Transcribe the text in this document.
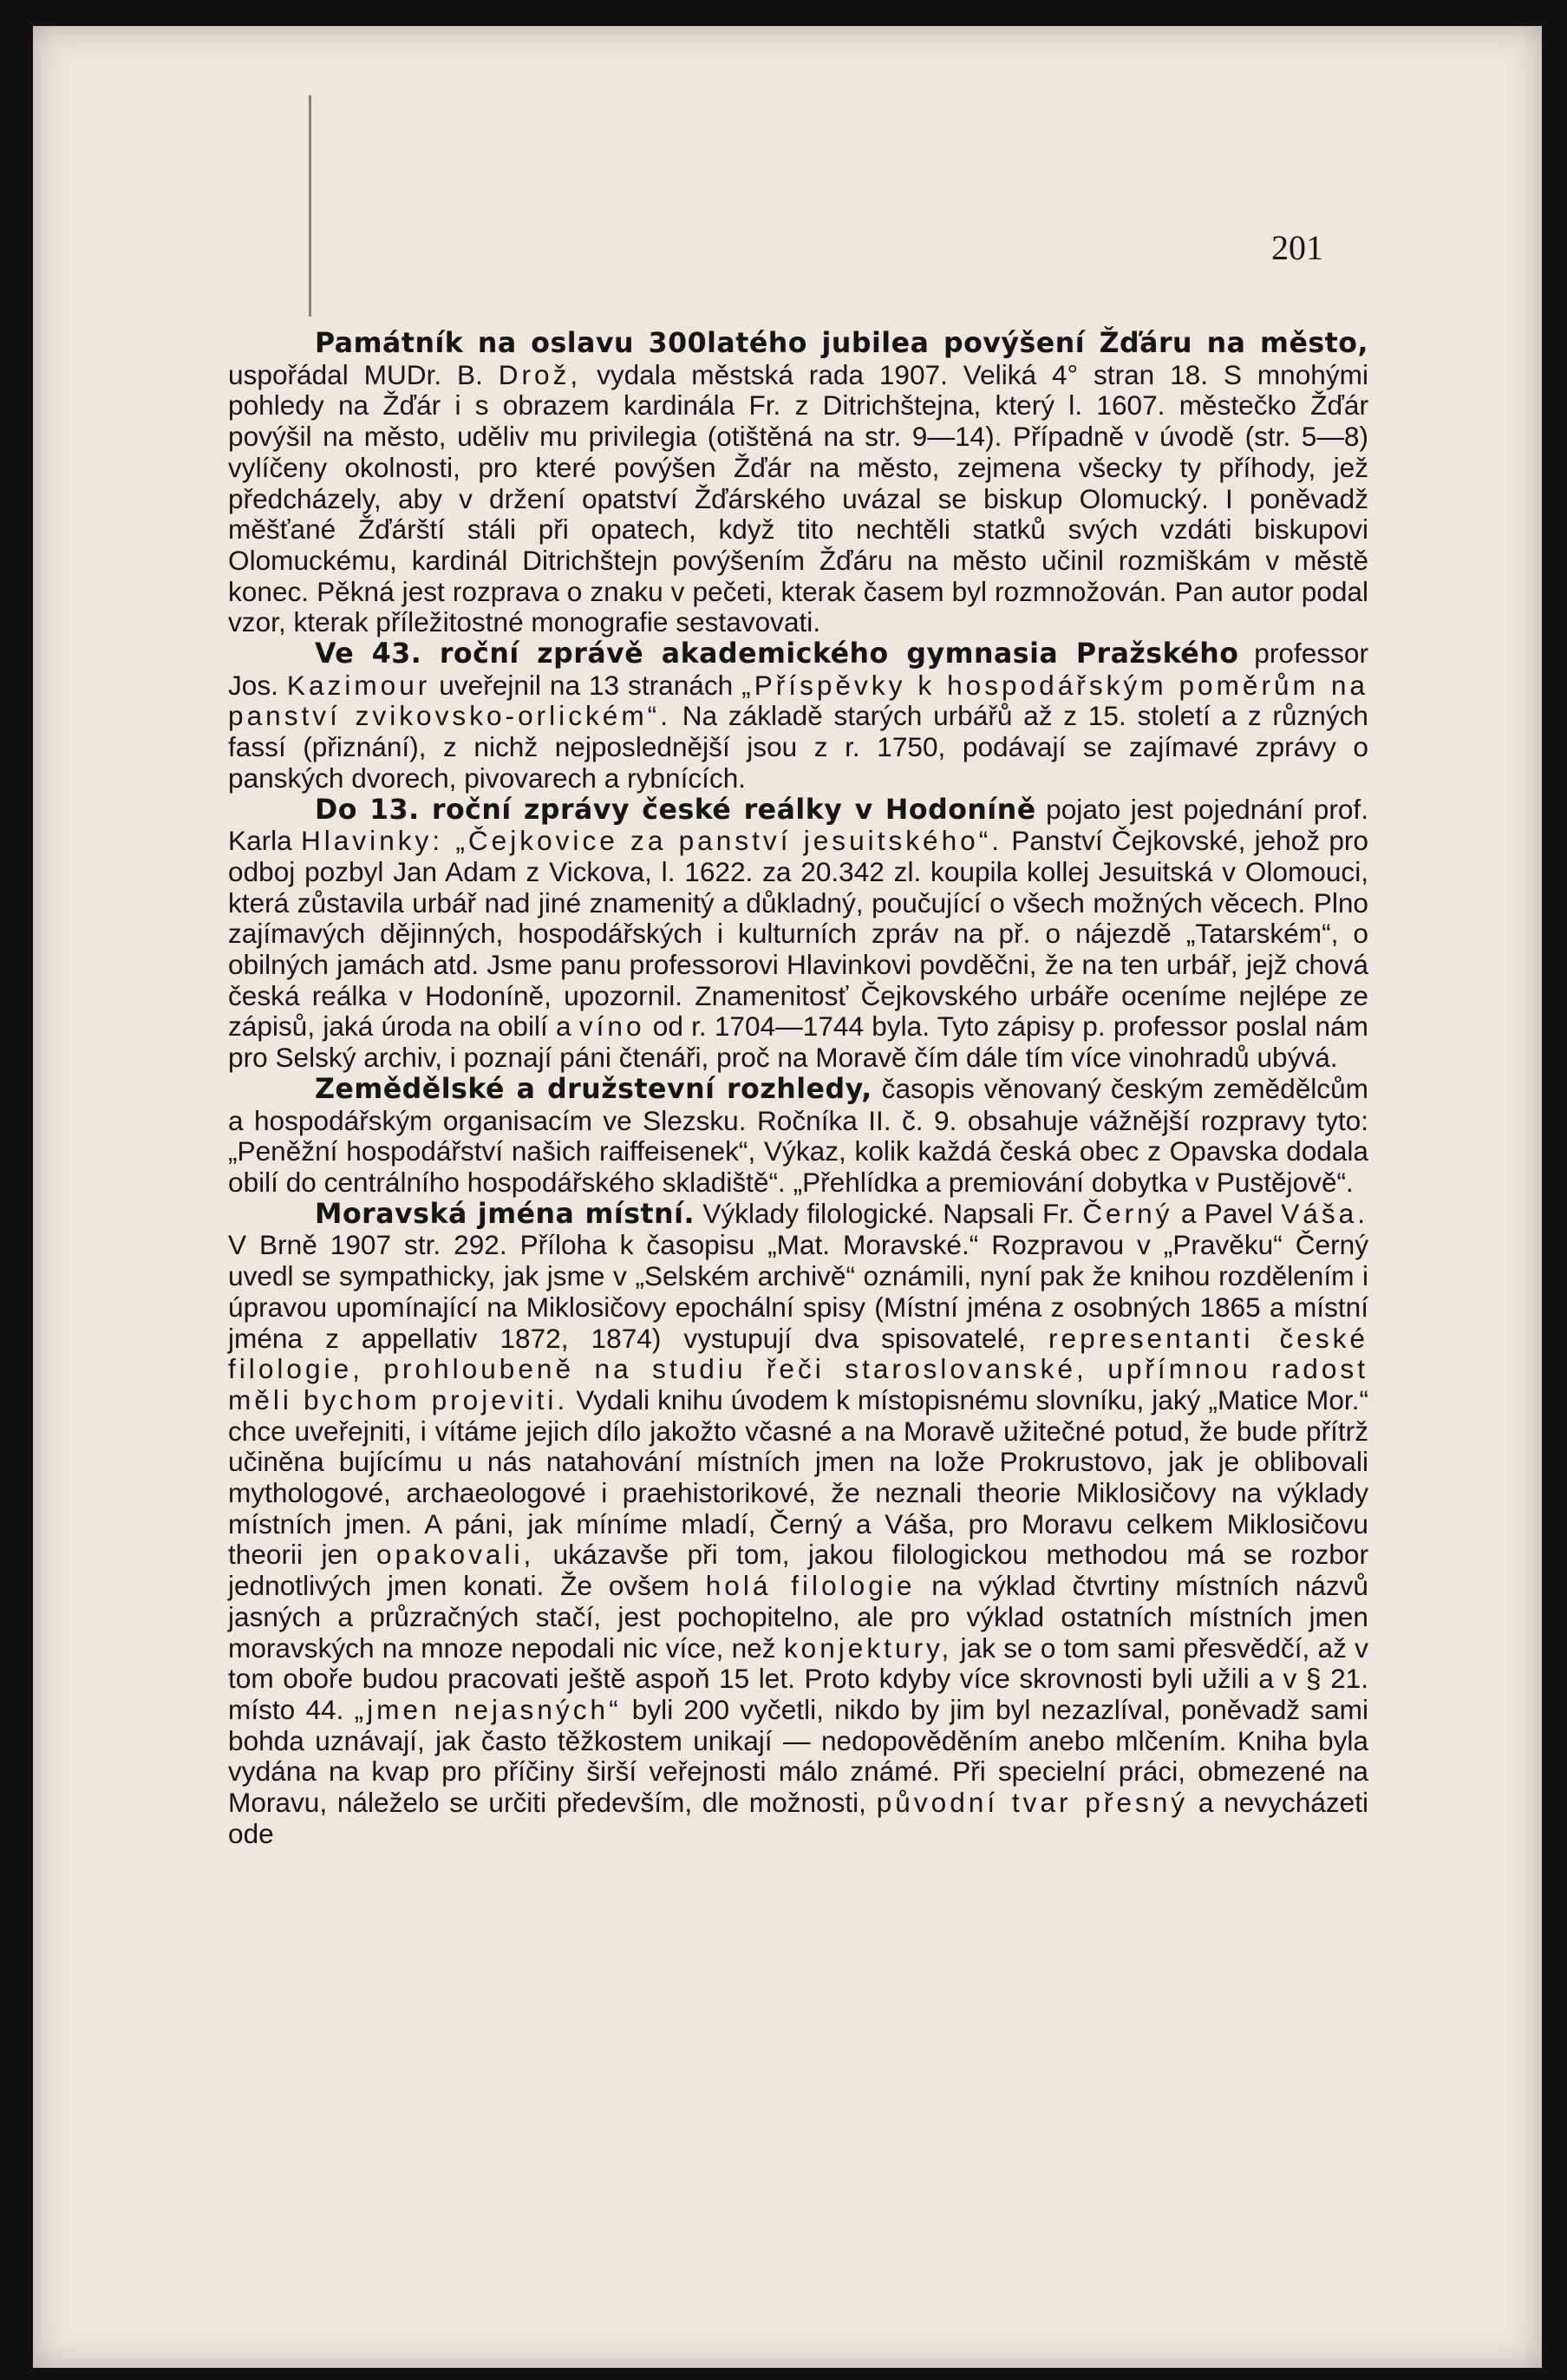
201

Památník na oslavu 300latého jubilea povýšení Žďáru na město, uspořádal MUDr. B. Drož, vydala městská rada 1907. Veliká 4° stran 18. S mnohými pohledy na Žďár i s obrazem kardinála Fr. z Ditrichštejna, který l. 1607. městečko Žďár povýšil na město, uděliv mu privilegia (otištěná na str. 9—14). Případně v úvodě (str. 5—8) vylíčeny okolnosti, pro které povýšen Žďár na město, zejmena všecky ty příhody, jež předcházely, aby v držení opatství Žďárského uvázal se biskup Olomucký. I poněvadž měšťané Žďárští stáli při opatech, když tito nechtěli statků svých vzdáti biskupovi Olomuckému, kardinál Ditrichštejn povýšením Žďáru na město učinil rozmiškám v městě konec. Pěkná jest rozprava o znaku v pečeti, kterak časem byl rozmnožován. Pan autor podal vzor, kterak příležitostné monografie sestavovati.

Ve 43. roční zprávě akademického gymnasia Pražského professor Jos. Kazimour uveřejnil na 13 stranách „Příspěvky k hospodářským poměrům na panství zvikovsko-orlickém“. Na základě starých urbářů až z 15. století a z různých fassí (přiznání), z nichž nejposlednější jsou z r. 1750, podávají se zajímavé zprávy o panských dvorech, pivovarech a rybnících.

Do 13. roční zprávy české reálky v Hodoníně pojato jest pojednání prof. Karla Hlavinky: „Čejkovice za panství jesuitského“. Panství Čejkovské, jehož pro odboj pozbyl Jan Adam z Vickova, l. 1622. za 20.342 zl. koupila kollej Jesuitská v Olomouci, která zůstavila urbář nad jiné znamenitý a důkladný, poučující o všech možných věcech. Plno zajímavých dějinných, hospodářských i kulturních zpráv na př. o nájezdě „Tatarském“, o obilných jamách atd. Jsme panu professorovi Hlavinkovi povděčni, že na ten urbář, jejž chová česká reálka v Hodoníně, upozornil. Znamenitosť Čejkovského urbáře oceníme nejlépe ze zápisů, jaká úroda na obilí a víno od r. 1704—1744 byla. Tyto zápisy p. professor poslal nám pro Selský archiv, i poznají páni čtenáři, proč na Moravě čím dále tím více vinohradů ubývá.

Zemědělské a družstevní rozhledy, časopis věnovaný českým zemědělcům a hospodářským organisacím ve Slezsku. Ročníka II. č. 9. obsahuje vážnější rozpravy tyto: „Peněžní hospodářství našich raiffeisenek“, Výkaz, kolik každá česká obec z Opavska dodala obilí do centrálního hospodářského skladiště“. „Přehlídka a premiování dobytka v Pustějově“.

Moravská jména místní. Výklady filologické. Napsali Fr. Černý a Pavel Váša. V Brně 1907 str. 292. Příloha k časopisu „Mat. Moravské.“ Rozpravou v „Pravěku“ Černý uvedl se sympathicky, jak jsme v „Selském archivě“ oznámili, nyní pak že knihou rozdělením i úpravou upomínající na Miklosičovy epochální spisy (Místní jména z osobných 1865 a místní jména z appellativ 1872, 1874) vystupují dva spisovatelé, representanti české filologie, prohloubeně na studiu řeči staroslovanské, upřímnou radost měli bychom projeviti. Vydali knihu úvodem k místopisnému slovníku, jaký „Matice Mor.“ chce uveřejniti, i vítáme jejich dílo jakožto včasné a na Moravě užitečné potud, že bude přítrž učiněna bujícímu u nás natahování místních jmen na lože Prokrustovo, jak je oblibovali mythologové, archaeologové i praehistorikové, že neznali theorie Miklosičovy na výklady místních jmen. A páni, jak míníme mladí, Černý a Váša, pro Moravu celkem Miklosičovu theorii jen opakovali, ukázavše při tom, jakou filologickou methodou má se rozbor jednotlivých jmen konati. Že ovšem holá filologie na výklad čtvrtiny místních názvů jasných a průzračných stačí, jest pochopitelno, ale pro výklad ostatních místních jmen moravských na mnoze nepodali nic více, než konjektury, jak se o tom sami přesvědčí, až v tom oboře budou pracovati ještě aspoň 15 let. Proto kdyby více skrovnosti byli užili a v § 21. místo 44. „jmen nejasných“ byli 200 vyčetli, nikdo by jim byl nezazlíval, poněvadž sami bohda uznávají, jak často těžkostem unikají — nedopověděním anebo mlčením. Kniha byla vydána na kvap pro příčiny širší veřejnosti málo známé. Při specielní práci, obmezené na Moravu, náleželo se určiti především, dle možnosti, původní tvar přesný a nevycházeti ode
